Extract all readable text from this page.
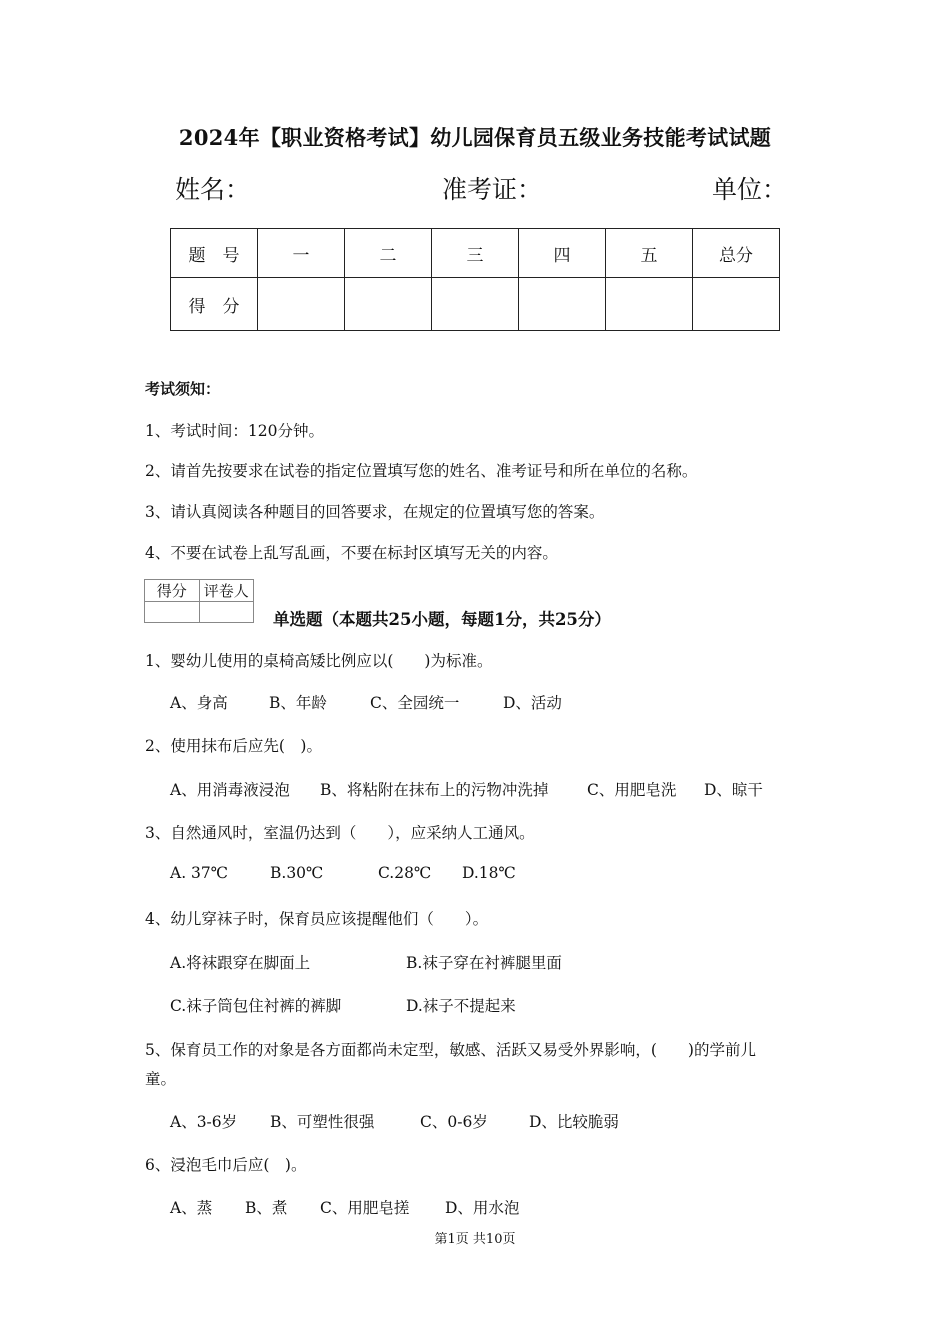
2024年【职业资格考试】幼儿园保育员五级业务技能考试试题
姓名：	准考证：	单位：
题　号	一	二	三	四	五	总分
得　分						
考试须知：
1、考试时间：120分钟。
2、请首先按要求在试卷的指定位置填写您的姓名、准考证号和所在单位的名称。
3、请认真阅读各种题目的回答要求，在规定的位置填写您的答案。
4、不要在试卷上乱写乱画，不要在标封区填写无关的内容。
得分	评卷人

单选题（本题共25小题，每题1分，共25分）
1、婴幼儿使用的桌椅高矮比例应以(　　)为标准。
A、身高	B、年龄	C、全园统一	D、活动
2、使用抹布后应先(　)。
A、用消毒液浸泡 B、将粘附在抹布上的污物冲洗掉 C、用肥皂洗 D、晾干
3、自然通风时，室温仍达到（　　），应采纳人工通风。
A. 37℃	B.30℃	C.28℃ D.18℃
4、幼儿穿袜子时，保育员应该提醒他们（　　）。
A.将袜跟穿在脚面上	B.袜子穿在衬裤腿里面
C.袜子筒包住衬裤的裤脚	D.袜子不提起来
5、保育员工作的对象是各方面都尚未定型，敏感、活跃又易受外界影响，(　　)的学前儿
童。
A、3-6岁 B、可塑性很强	C、0-6岁	D、比较脆弱
6、浸泡毛巾后应(　)。
A、蒸 B、煮 C、用肥皂搓 D、用水泡
第1页 共10页
